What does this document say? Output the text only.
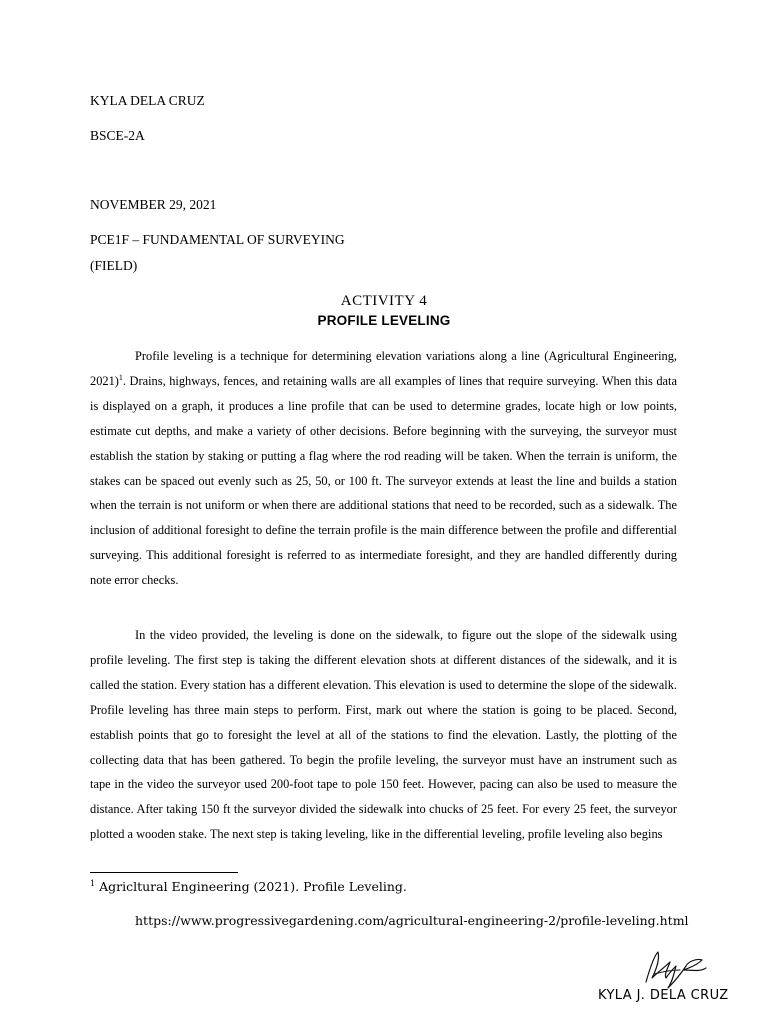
KYLA DELA CRUZ
BSCE-2A
NOVEMBER 29, 2021
PCE1F – FUNDAMENTAL OF SURVEYING
(FIELD)
ACTIVITY 4
PROFILE LEVELING

Profile leveling is a technique for determining elevation variations along a line (Agricultural Engineering, 2021)$^1$. Drains, highways, fences, and retaining walls are all examples of lines that require surveying. When this data is displayed on a graph, it produces a line profile that can be used to determine grades, locate high or low points, estimate cut depths, and make a variety of other decisions. Before beginning with the surveying, the surveyor must establish the station by staking or putting a flag where the rod reading will be taken. When the terrain is uniform, the stakes can be spaced out evenly such as 25, 50, or 100 ft. The surveyor extends at least the line and builds a station when the terrain is not uniform or when there are additional stations that need to be recorded, such as a sidewalk. The inclusion of additional foresight to define the terrain profile is the main difference between the profile and differential surveying. This additional foresight is referred to as intermediate foresight, and they are handled differently during note error checks.

In the video provided, the leveling is done on the sidewalk, to figure out the slope of the sidewalk using profile leveling. The first step is taking the different elevation shots at different distances of the sidewalk, and it is called the station. Every station has a different elevation. This elevation is used to determine the slope of the sidewalk. Profile leveling has three main steps to perform. First, mark out where the station is going to be placed. Second, establish points that go to foresight the level at all of the stations to find the elevation. Lastly, the plotting of the collecting data that has been gathered. To begin the profile leveling, the surveyor must have an instrument such as tape in the video the surveyor used 200-foot tape to pole 150 feet. However, pacing can also be used to measure the distance. After taking 150 ft the surveyor divided the sidewalk into chucks of 25 feet. For every 25 feet, the surveyor plotted a wooden stake. The next step is taking leveling, like in the differential leveling, profile leveling also begins

$^1$ Agricltural Engineering (2021). Profile Leveling.
https://www.progressivegardening.com/agricultural-engineering-2/profile-leveling.html
KYLA J. DELA CRUZ
